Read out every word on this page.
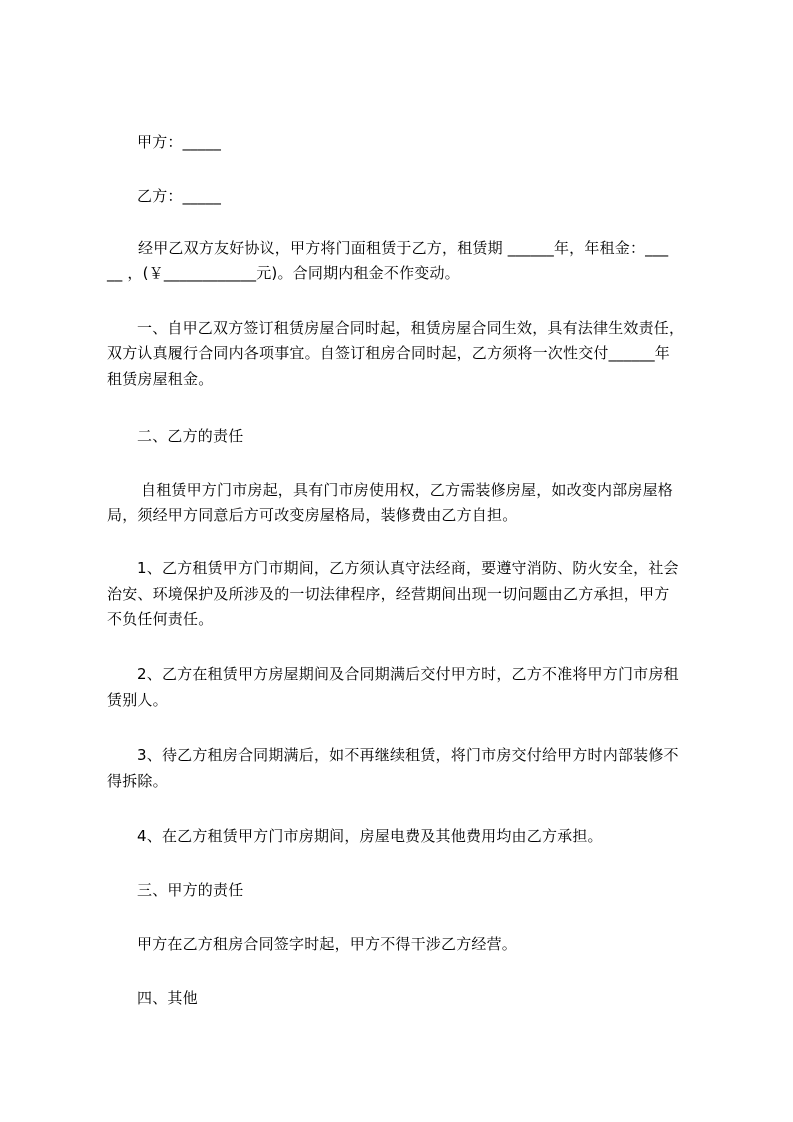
甲方：_____
乙方：_____
经甲乙双方友好协议，甲方将门面租赁于乙方，租赁期 ______年，年租金：___
__ ，(￥____________元)。合同期内租金不作变动。
一、自甲乙双方签订租赁房屋合同时起，租赁房屋合同生效，具有法律生效责任，
双方认真履行合同内各项事宜。自签订租房合同时起，乙方须将一次性交付______年
租赁房屋租金。
二、乙方的责任
自租赁甲方门市房起，具有门市房使用权，乙方需装修房屋，如改变内部房屋格
局，须经甲方同意后方可改变房屋格局，装修费由乙方自担。
1、乙方租赁甲方门市期间，乙方须认真守法经商，要遵守消防、防火安全，社会
治安、环境保护及所涉及的一切法律程序，经营期间出现一切问题由乙方承担，甲方
不负任何责任。
2、乙方在租赁甲方房屋期间及合同期满后交付甲方时，乙方不准将甲方门市房租
赁别人。
3、待乙方租房合同期满后，如不再继续租赁，将门市房交付给甲方时内部装修不
得拆除。
4、在乙方租赁甲方门市房期间，房屋电费及其他费用均由乙方承担。
三、甲方的责任
甲方在乙方租房合同签字时起，甲方不得干涉乙方经营。
四、其他
